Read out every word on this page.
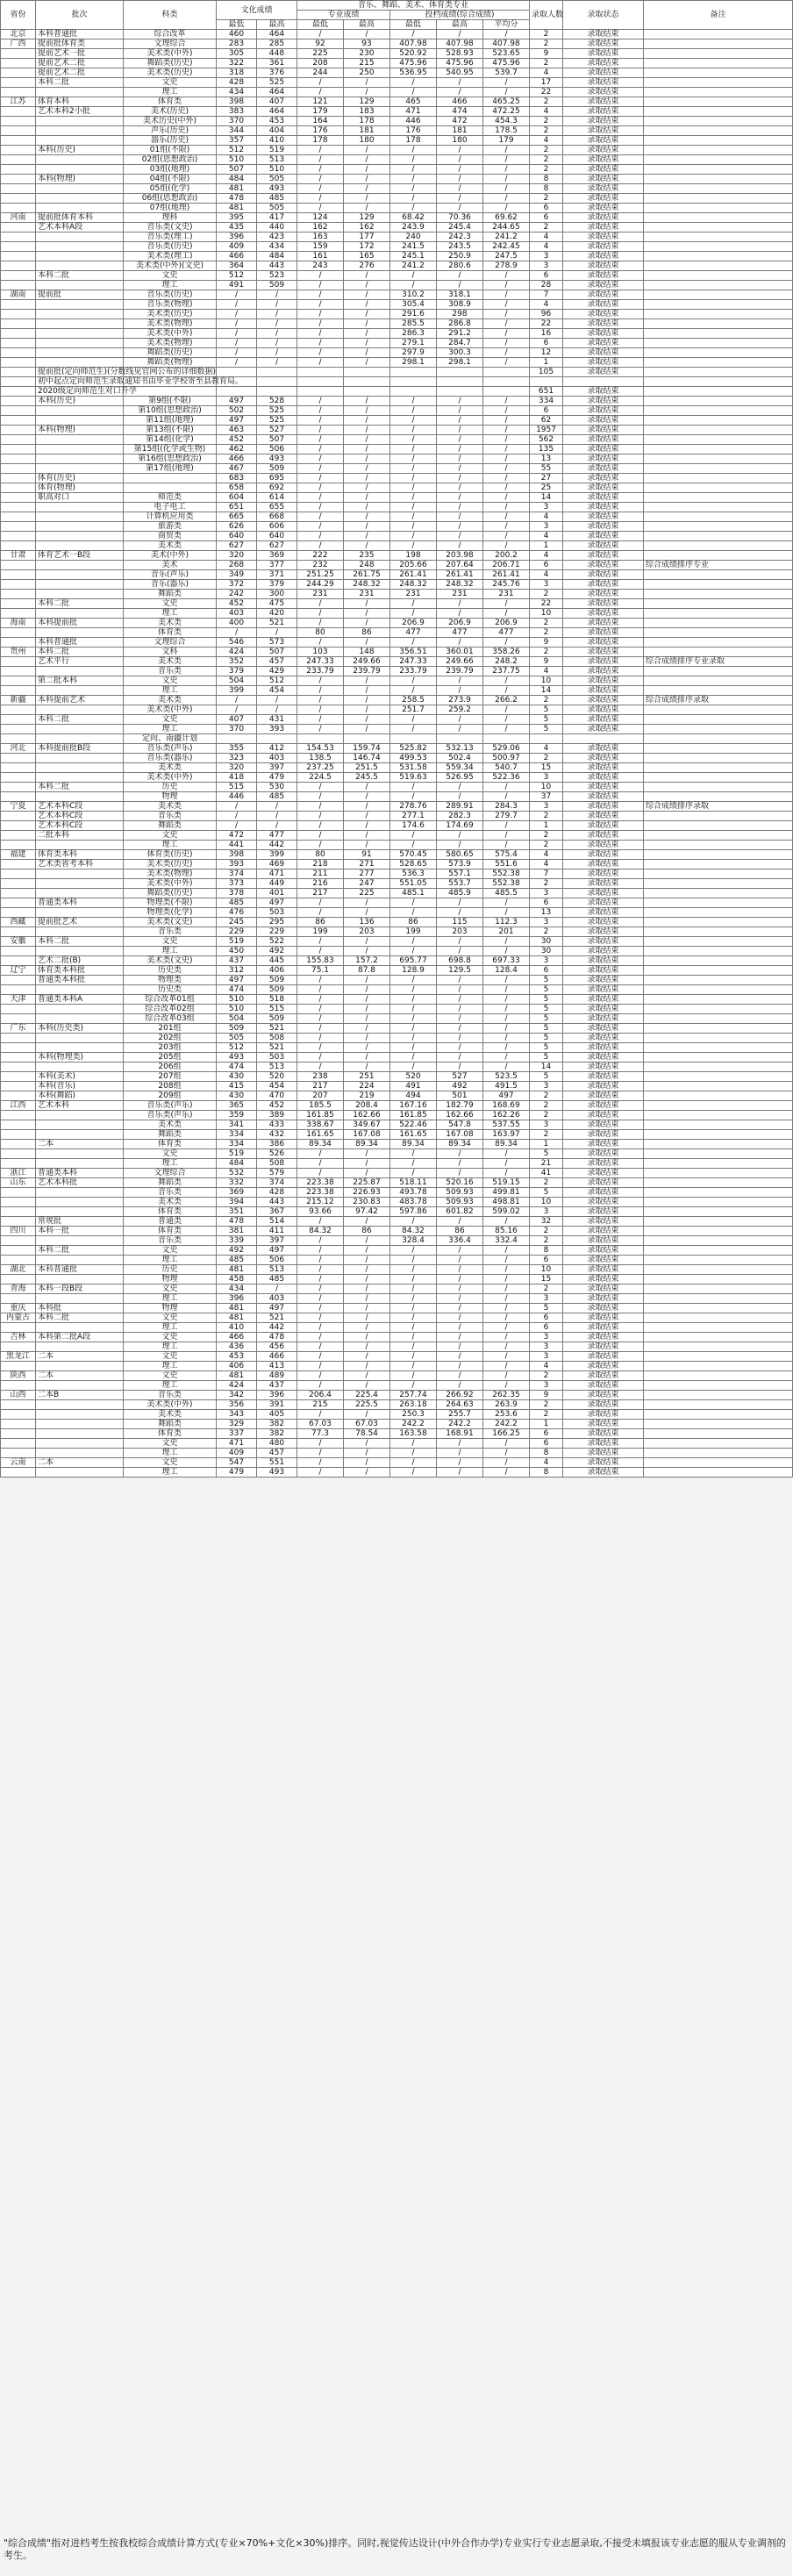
省份	批次	科类	文化成绩		音乐、舞蹈、美术、体育类专业					录取人数	录取状态	备注
					专业成绩		投档成绩(综合成绩)					
			最低	最高	最低	最高	最低	最高	平均分			
北京	本科普通批	综合改革	460	464	/	/	/	/	/	2	录取结束	
广西	提前批体育类	文理综合	283	285	92	93	407.98	407.98	407.98	2	录取结束	
	提前艺术一批	美术类(中外)	305	448	225	230	520.92	528.93	523.65	9	录取结束	
	提前艺术二批	舞蹈类(历史)	322	361	208	215	475.96	475.96	475.96	2	录取结束	
	提前艺术二批	美术类(历史)	318	376	244	250	536.95	540.95	539.7	4	录取结束	
	本科二批	文史	428	525	/	/	/	/	/	17	录取结束	
		理工	434	464	/	/	/	/	/	22	录取结束	
江苏	体育本科	体育类	398	407	121	129	465	466	465.25	2	录取结束	
	艺术本科2小批	美术(历史)	383	464	179	183	471	474	472.25	4	录取结束	
		美术历史(中外)	370	453	164	178	446	472	454.3	2	录取结束	
		声乐(历史)	344	404	176	181	176	181	178.5	2	录取结束	
		器乐(历史)	357	410	178	180	178	180	179	4	录取结束	
	本科(历史)	01组(不限)	512	519	/	/	/	/	/	2	录取结束	
		02组(思想政治)	510	513	/	/	/	/	/	2	录取结束	
		03组(地理)	507	510	/	/	/	/	/	2	录取结束	
	本科(物理)	04组(不限)	484	505	/	/	/	/	/	8	录取结束	
		05组(化学)	481	493	/	/	/	/	/	8	录取结束	
		06组(思想政治)	478	485	/	/	/	/	/	2	录取结束	
		07组(地理)	481	505	/	/	/	/	/	6	录取结束	
河南	提前批体育本科	理科	395	417	124	129	68.42	70.36	69.62	6	录取结束	
	艺术本科A段	音乐类(文史)	435	440	162	162	243.9	245.4	244.65	2	录取结束	
		音乐类(理工)	396	423	163	177	240	242.3	241.2	4	录取结束	
		音乐类(历史)	409	434	159	172	241.5	243.5	242.45	4	录取结束	
		美术类(理工)	466	484	161	165	245.1	250.9	247.5	3	录取结束	
		美术类(中外)(文史)	364	443	243	276	241.2	280.6	278.9	3	录取结束	
	本科二批	文史	512	523	/	/	/	/	/	6	录取结束	
		理工	491	509	/	/	/	/	/	28	录取结束	
湖南	提前批	音乐类(历史)	/	/	/	/	310.2	318.1	/	7	录取结束	
		音乐类(物理)	/	/	/	/	305.4	308.9	/	4	录取结束	
		美术类(历史)	/	/	/	/	291.6	298	/	96	录取结束	
		美术类(物理)	/	/	/	/	285.5	286.8	/	22	录取结束	
		美术类(中外)	/	/	/	/	286.3	291.2	/	16	录取结束	
		美术类(物理)	/	/	/	/	279.1	284.7	/	6	录取结束	
		舞蹈类(历史)	/	/	/	/	297.9	300.3	/	12	录取结束	
		舞蹈类(物理)	/	/	/	/	298.1	298.1	/	1	录取结束	
	提前批(定向师范生)(分数线见官网公布的详细数据)									105	录取结束	
	初中起点定向师范生录取通知书由毕业学校寄至县教育局。											
	2020级定向师范生对口升学									651	录取结束	
	本科(历史)	第9组(不限)	497	528	/	/	/	/	/	334	录取结束	
		第10组(思想政治)	502	525	/	/	/	/	/	6	录取结束	
		第11组(地理)	497	525	/	/	/	/	/	62	录取结束	
	本科(物理)	第13组(不限)	463	527	/	/	/	/	/	1957	录取结束	
		第14组(化学)	452	507	/	/	/	/	/	562	录取结束	
		第15组(化学或生物)	462	506	/	/	/	/	/	135	录取结束	
		第16组(思想政治)	466	493	/	/	/	/	/	13	录取结束	
		第17组(地理)	467	509	/	/	/	/	/	55	录取结束	
	体育(历史)		683	695	/	/	/	/	/	27	录取结束	
	体育(物理)		658	692	/	/	/	/	/	25	录取结束	
	职高对口	师范类	604	614	/	/	/	/	/	14	录取结束	
		电子电工	651	655	/	/	/	/	/	3	录取结束	
		计算机应用类	665	668	/	/	/	/	/	4	录取结束	
		旅游类	626	606	/	/	/	/	/	3	录取结束	
		商贸类	640	640	/	/	/	/	/	4	录取结束	
		美术类	627	627	/	/	/	/	/	1	录取结束	
甘肃	体育艺术一B段	美术(中外)	320	369	222	235	198	203.98	200.2	4	录取结束	
		美术	268	377	232	248	205.66	207.64	206.71	6	录取结束	综合成绩排序专业
		音乐(声乐)	349	371	251.25	261.75	261.41	261.41	261.41	4	录取结束	
		音乐(器乐)	372	379	244.29	248.32	248.32	248.32	245.76	3	录取结束	
		舞蹈类	242	300	231	231	231	231	231	2	录取结束	
	本科二批	文史	452	475	/	/	/	/	/	22	录取结束	
		理工	403	420	/	/	/	/	/	10	录取结束	
海南	本科提前批	美术类	400	521	/	/	206.9	206.9	206.9	2	录取结束	
		体育类	/	/	80	86	477	477	477	2	录取结束	
	本科普通批	文理综合	546	573	/	/	/	/	/	9	录取结束	
贵州	本科二批	文科	424	507	103	148	356.51	360.01	358.26	2	录取结束	
	艺术平行	美术类	352	457	247.33	249.66	247.33	249.66	248.2	9	录取结束	综合成绩排序专业录取
		音乐类	379	429	233.79	239.79	233.79	239.79	237.75	4	录取结束	
	第二批本科	文史	504	512	/	/	/	/	/	10	录取结束	
		理工	399	454	/	/	/	/	/	14	录取结束	
新疆	本科提前艺术	美术类	/	/	/	/	258.5	273.9	266.2	2	录取结束	综合成绩排序录取
		美术类(中外)	/	/	/	/	251.7	259.2	/	5	录取结束	
	本科二批	文史	407	431	/	/	/	/	/	5	录取结束	
		理工	370	393	/	/	/	/	/	5	录取结束	
		定向、南疆计划										
河北	本科提前批B段	音乐类(声乐)	355	412	154.53	159.74	525.82	532.13	529.06	4	录取结束	
		音乐类(器乐)	323	403	138.5	146.74	499.53	502.4	500.97	2	录取结束	
		美术类	320	397	237.25	251.5	531.58	559.34	540.7	15	录取结束	
		美术类(中外)	418	479	224.5	245.5	519.63	526.95	522.36	3	录取结束	
	本科二批	历史	515	530	/	/	/	/	/	10	录取结束	
		物理	446	485	/	/	/	/	/	37	录取结束	
宁夏	艺术本科C段	美术类	/	/	/	/	278.76	289.91	284.3	3	录取结束	综合成绩排序录取
	艺术本科C段	音乐类	/	/	/	/	277.1	282.3	279.7	2	录取结束	
	艺术本科C段	舞蹈类	/	/	/	/	174.6	174.69	/	1	录取结束	
	二批本科	文史	472	477	/	/	/	/	/	2	录取结束	
		理工	441	442	/	/	/	/	/	2	录取结束	
福建	体育类本科	体育类(历史)	398	399	80	91	570.45	580.65	575.4	4	录取结束	
	艺术类省考本科	美术类(历史)	393	469	218	271	528.65	573.9	551.6	4	录取结束	
		美术类(物理)	374	471	211	277	536.3	557.1	552.38	7	录取结束	
		美术类(中外)	373	449	216	247	551.05	553.7	552.38	2	录取结束	
		舞蹈类(历史)	378	401	217	225	485.1	485.9	485.5	3	录取结束	
	普通类本科	物理类(不限)	485	497	/	/	/	/	/	6	录取结束	
		物理类(化学)	476	503	/	/	/	/	/	13	录取结束	
西藏	提前批艺术	美术类(文史)	245	295	86	136	86	115	112.3	3	录取结束	
		音乐类	229	229	199	203	199	203	201	2	录取结束	
安徽	本科二批	文史	519	522	/	/	/	/	/	30	录取结束	
		理工	450	492	/	/	/	/	/	30	录取结束	
	艺术二批(B)	美术类(文史)	437	445	155.83	157.2	695.77	698.8	697.33	3	录取结束	
辽宁	体育类本科批	历史类	312	406	75.1	87.8	128.9	129.5	128.4	6	录取结束	
	普通类本科批	物理类	497	509	/	/	/	/	/	5	录取结束	
		历史类	474	509	/	/	/	/	/	5	录取结束	
天津	普通类本科A	综合改革01组	510	518	/	/	/	/	/	5	录取结束	
		综合改革02组	510	515	/	/	/	/	/	5	录取结束	
		综合改革03组	504	509	/	/	/	/	/	5	录取结束	
广东	本科(历史类)	201组	509	521	/	/	/	/	/	5	录取结束	
		202组	505	508	/	/	/	/	/	5	录取结束	
		203组	512	521	/	/	/	/	/	5	录取结束	
	本科(物理类)	205组	493	503	/	/	/	/	/	5	录取结束	
		206组	474	513	/	/	/	/	/	14	录取结束	
	本科(美术)	207组	430	520	238	251	520	527	523.5	5	录取结束	
	本科(音乐)	208组	415	454	217	224	491	492	491.5	3	录取结束	
	本科(舞蹈)	209组	430	470	207	219	494	501	497	2	录取结束	
江西	艺术本科	音乐类(声乐)	365	452	185.5	208.4	167.16	182.79	168.69	2	录取结束	
		音乐类(声乐)	359	389	161.85	162.66	161.85	162.66	162.26	2	录取结束	
		美术类	341	433	338.67	349.67	522.46	547.8	537.55	3	录取结束	
		舞蹈类	334	432	161.65	167.08	161.65	167.08	163.97	2	录取结束	
	二本	体育类	334	386	89.34	89.34	89.34	89.34	89.34	1	录取结束	
		文史	519	526	/	/	/	/	/	5	录取结束	
		理工	484	508	/	/	/	/	/	21	录取结束	
浙江	普通类本科	文理综合	532	579	/	/	/	/	/	41	录取结束	
山东	艺术本科批	舞蹈类	332	374	223.38	225.87	518.11	520.16	519.15	2	录取结束	
		音乐类	369	428	223.38	226.93	493.78	509.93	499.81	5	录取结束	
		美术类	394	443	215.12	230.83	483.78	509.93	498.81	10	录取结束	
		体育类	351	367	93.66	97.42	597.86	601.82	599.02	3	录取结束	
	常规批	普通类	478	514	/	/	/	/	/	32	录取结束	
四川	本科一批	体育类	381	411	84.32	86	84.32	86	85.16	2	录取结束	
		音乐类	339	397	/	/	328.4	336.4	332.4	2	录取结束	
	本科二批	文史	492	497	/	/	/	/	/	8	录取结束	
		理工	485	506	/	/	/	/	/	6	录取结束	
湖北	本科普通批	历史	481	513	/	/	/	/	/	10	录取结束	
		物理	458	485	/	/	/	/	/	15	录取结束	
青海	本科一段B段	文史	434	/	/	/	/	/	/	2	录取结束	
		理工	396	403	/	/	/	/	/	3	录取结束	
重庆	本科批	物理	481	497	/	/	/	/	/	5	录取结束	
内蒙古	本科二批	文史	481	521	/	/	/	/	/	6	录取结束	
		理工	410	442	/	/	/	/	/	6	录取结束	
吉林	本科第二批A段	文史	466	478	/	/	/	/	/	3	录取结束	
		理工	436	456	/	/	/	/	/	3	录取结束	
黑龙江	二本	文史	453	466	/	/	/	/	/	3	录取结束	
		理工	406	413	/	/	/	/	/	4	录取结束	
陕西	二本	文史	481	489	/	/	/	/	/	2	录取结束	
		理工	424	437	/	/	/	/	/	3	录取结束	
山西	二本B	音乐类	342	396	206.4	225.4	257.74	266.92	262.35	9	录取结束	
		美术类(中外)	356	391	215	225.5	263.18	264.63	263.9	2	录取结束	
		美术类	343	405	/	/	250.3	255.7	253.6	2	录取结束	
		舞蹈类	329	382	67.03	67.03	242.2	242.2	242.2	1	录取结束	
		体育类	337	382	77.3	78.54	163.58	168.91	166.25	6	录取结束	
		文史	471	480	/	/	/	/	/	6	录取结束	
		理工	409	457	/	/	/	/	/	8	录取结束	
云南	二本	文史	547	551	/	/	/	/	/	4	录取结束	
		理工	479	493	/	/	/	/	/	8	录取结束	
"综合成绩"指对进档考生按我校综合成绩计算方式(专业×70%+文化×30%)排序。同时,视觉传达设计(中外合作办学)专业实行专业志愿录取,不接受未填报该专业志愿的服从专业调剂的考生。
